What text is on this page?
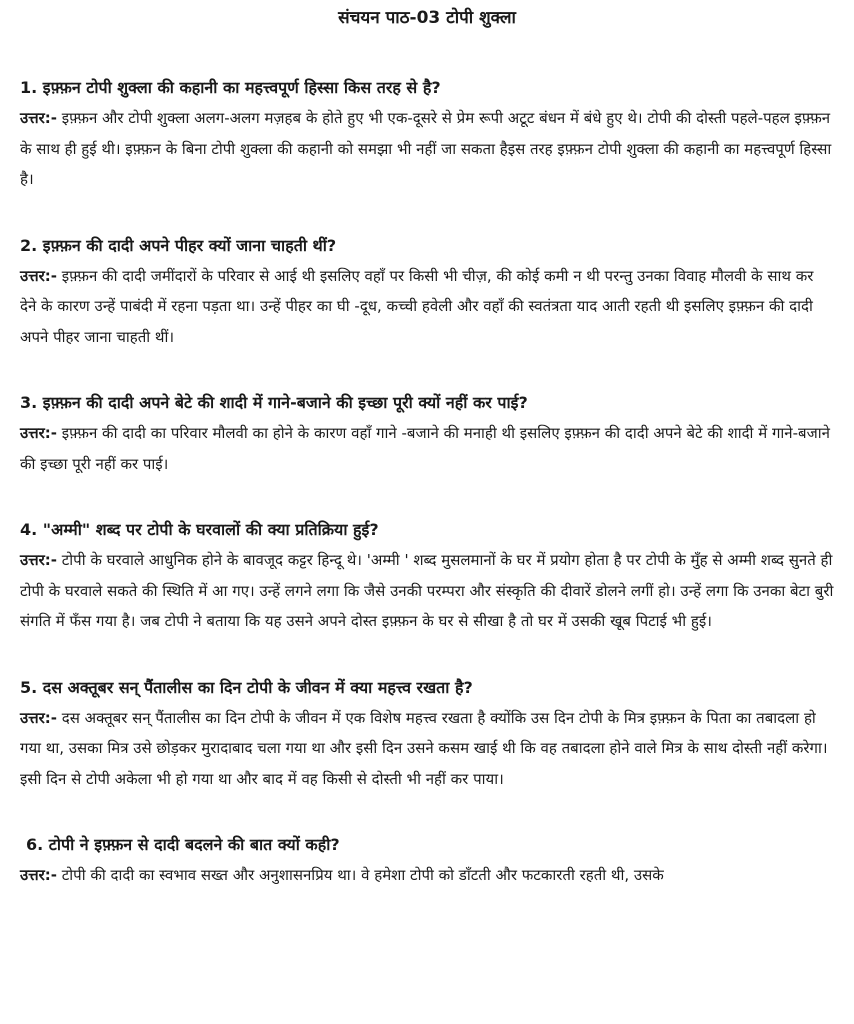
संचयन पाठ-03 टोपी शुक्ला
1. इफ़्फ़न टोपी शुक्ला की कहानी का महत्त्वपूर्ण हिस्सा किस तरह से है?

उत्तर:- इफ़्फ़न और टोपी शुक्ला अलग-अलग मज़हब के होते हुए भी एक-दूसरे से प्रेम रूपी अटूट बंधन में बंधे हुए थे। टोपी की दोस्ती पहले-पहल इफ़्फ़न के साथ ही हुई थी। इफ़्फ़न के बिना टोपी शुक्ला की कहानी को समझा भी नहीं जा सकता हैइस तरह इफ़्फ़न टोपी शुक्ला की कहानी का महत्त्वपूर्ण हिस्सा है।

2. इफ़्फ़न की दादी अपने पीहर क्यों जाना चाहती थीं?

उत्तर:- इफ़्फ़न की दादी जमींदारों के परिवार से आई थी इसलिए वहाँ पर किसी भी चीज़, की कोई कमी न थी परन्तु उनका विवाह मौलवी के साथ कर देने के कारण उन्हें पाबंदी में रहना पड़ता था। उन्हें पीहर का घी -दूध, कच्ची हवेली और वहाँ की स्वतंत्रता याद आती रहती थी इसलिए इफ़्फ़न की दादी अपने पीहर जाना चाहती थीं।

3. इफ़्फ़न की दादी अपने बेटे की शादी में गाने-बजाने की इच्छा पूरी क्यों नहीं कर पाई?

उत्तर:- इफ़्फ़न की दादी का परिवार मौलवी का होने के कारण वहाँ गाने -बजाने की मनाही थी इसलिए इफ़्फ़न की दादी अपने बेटे की शादी में गाने-बजाने की इच्छा पूरी नहीं कर पाई।

4. "अम्मी" शब्द पर टोपी के घरवालों की क्या प्रतिक्रिया हुई?

उत्तर:- टोपी के घरवाले आधुनिक होने के बावजूद कट्टर हिन्दू थे। 'अम्मी ' शब्द मुसलमानों के घर में प्रयोग होता है पर टोपी के मुँह से अम्मी शब्द सुनते ही टोपी के घरवाले सकते की स्थिति में आ गए। उन्हें लगने लगा कि जैसे उनकी परम्परा और संस्कृति की दीवारें डोलने लगीं हो। उन्हें लगा कि उनका बेटा बुरी संगति में फँस गया है। जब टोपी ने बताया कि यह उसने अपने दोस्त इफ़्फ़न के घर से सीखा है तो घर में उसकी खूब पिटाई भी हुई।

5. दस अक्तूबर सन् पैंतालीस का दिन टोपी के जीवन में क्या महत्त्व रखता है?

उत्तर:- दस अक्तूबर सन् पैंतालीस का दिन टोपी के जीवन में एक विशेष महत्त्व रखता है क्योंकि उस दिन टोपी के मित्र इफ़्फ़न के पिता का तबादला हो गया था, उसका मित्र उसे छोड़कर मुरादाबाद चला गया था और इसी दिन उसने कसम खाई थी कि वह तबादला होने वाले मित्र के साथ दोस्ती नहीं करेगा। इसी दिन से टोपी अकेला भी हो गया था और बाद में वह किसी से दोस्ती भी नहीं कर पाया।

6. टोपी ने इफ़्फ़न से दादी बदलने की बात क्यों कही?

उत्तर:- टोपी की दादी का स्वभाव सख्त और अनुशासनप्रिय था। वे हमेशा टोपी को डाँटती और फटकारती रहती थी, उसके
